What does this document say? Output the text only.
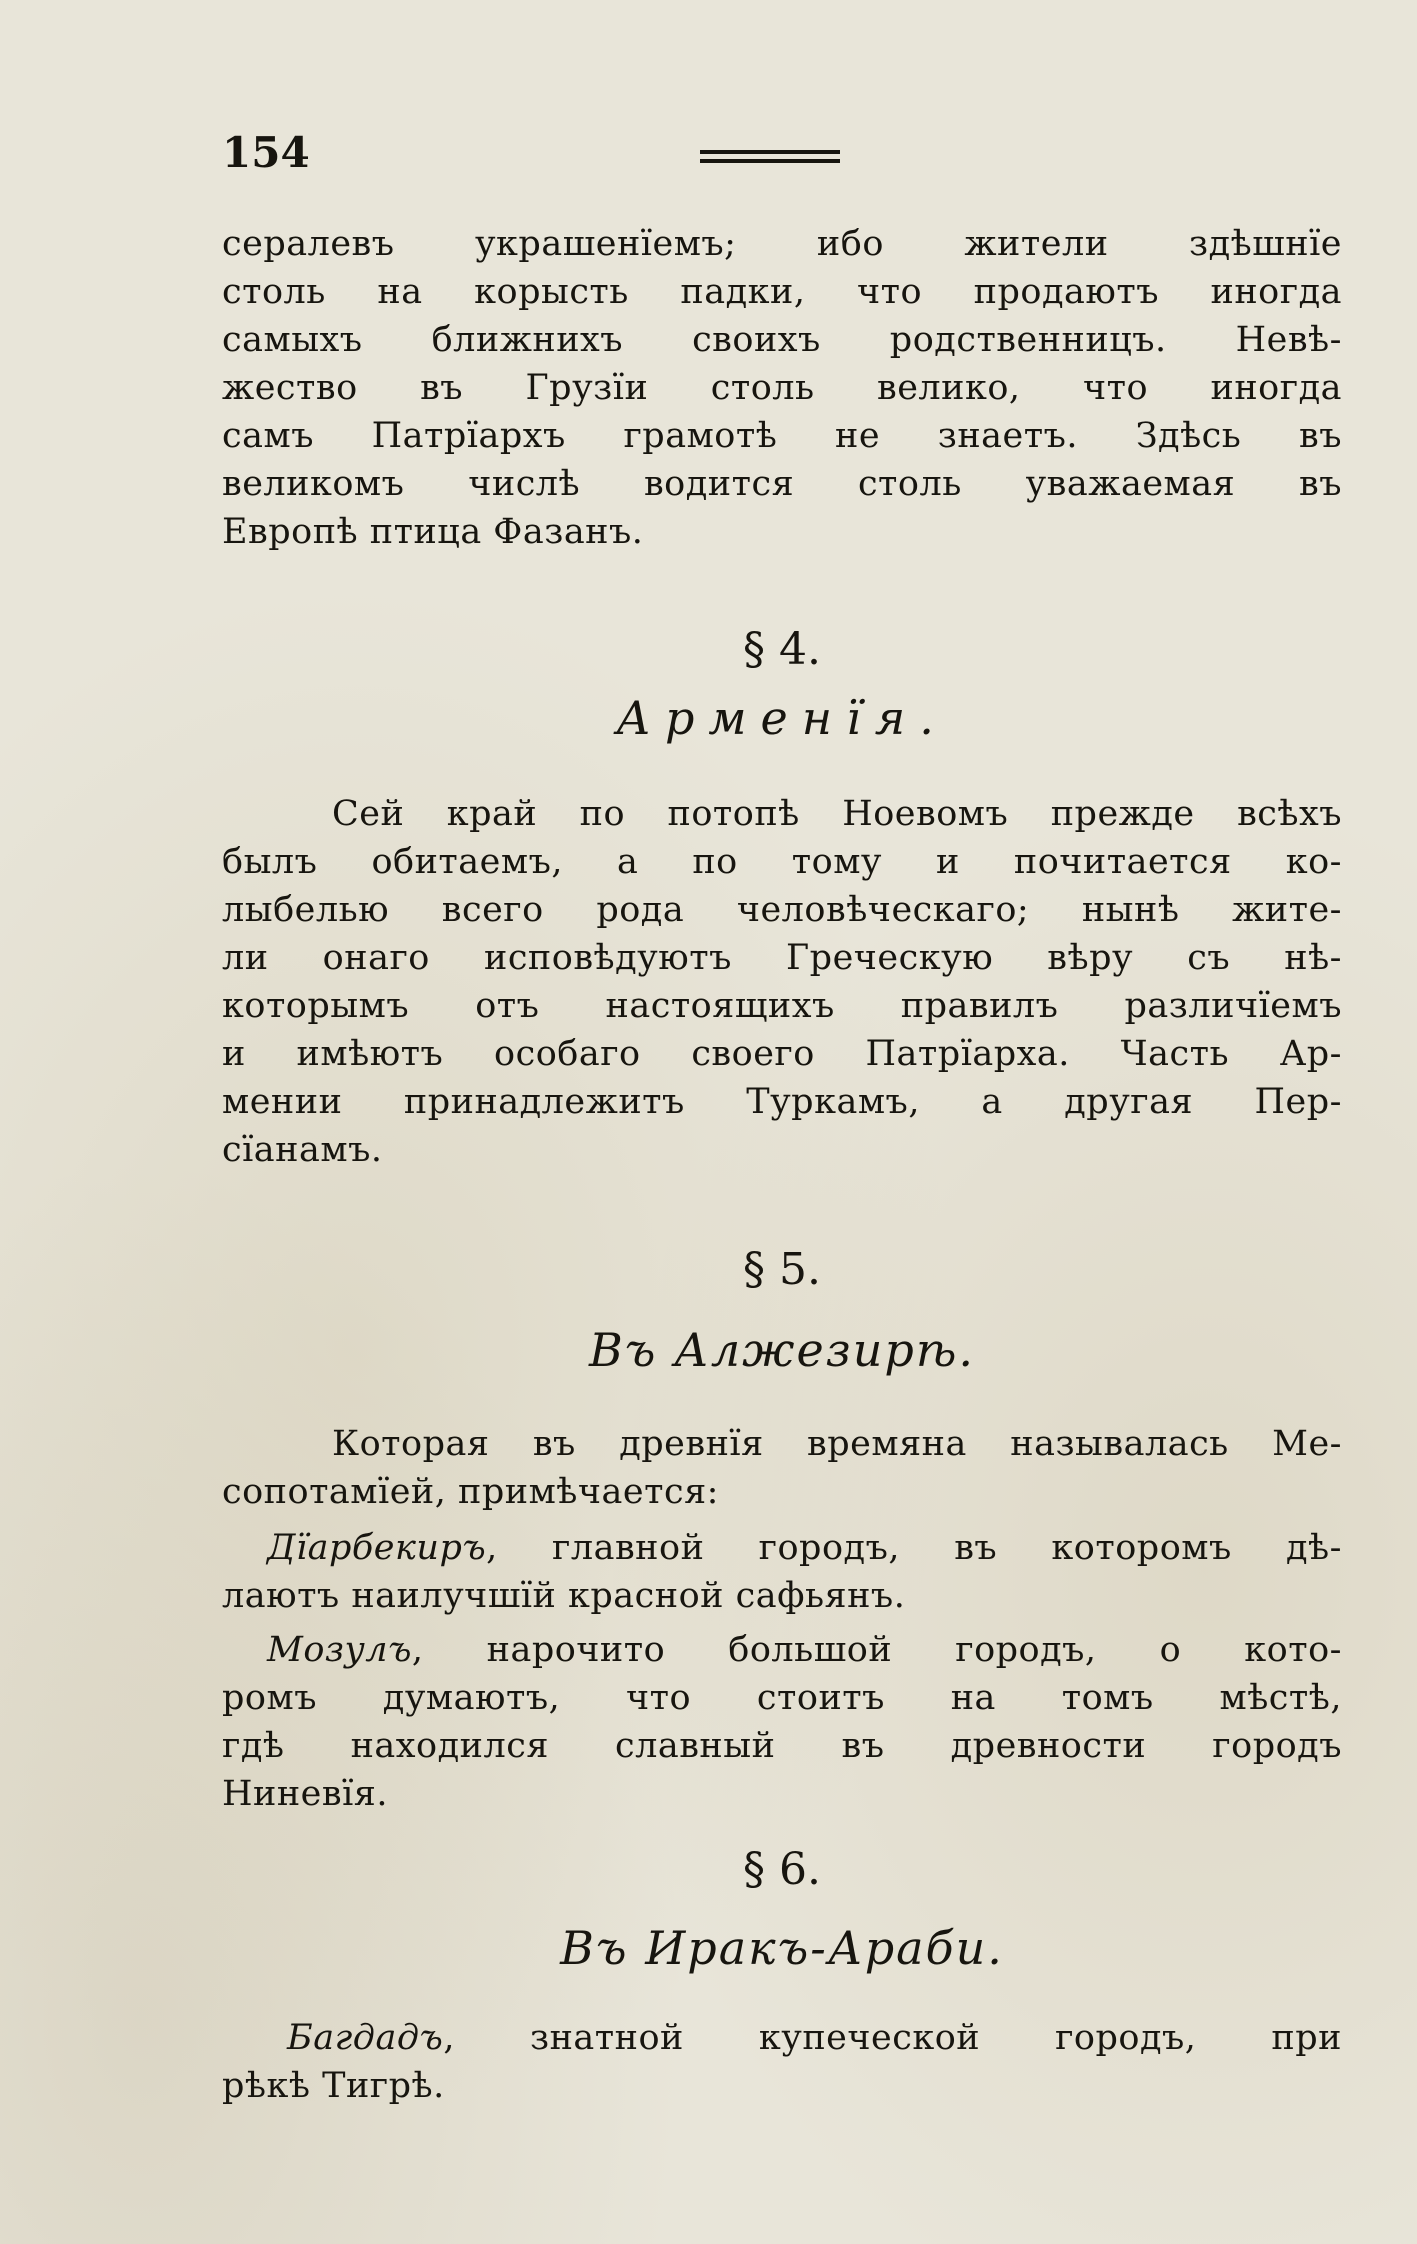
154
сералевъ украшенїемъ; ибо жители здѣшнїе
столь на корысть падки, что продаютъ иногда
самыхъ ближнихъ своихъ родственницъ. Невѣ-
жество въ Грузїи столь велико, что иногда
самъ Патрїархъ грамотѣ не знаетъ. Здѣсь въ
великомъ числѣ водится столь уважаемая въ
Европѣ птица Фазанъ.
§ 4.
Арменїя.
Сей край по потопѣ Ноевомъ прежде всѣхъ
былъ обитаемъ, а по тому и почитается ко-
лыбелью всего рода человѣческаго; нынѣ жите-
ли онаго исповѣдуютъ Греческую вѣру съ нѣ-
которымъ отъ настоящихъ правилъ различїемъ
и имѣютъ особаго своего Патрїарха. Часть Ар-
мении принадлежитъ Туркамъ, а другая Пер-
сїанамъ.
§ 5.
Въ Алжезирѣ.
Которая въ древнїя времяна называлась Ме-
сопотамїей, примѣчается:
Дїарбекиръ, главной городъ, въ которомъ дѣ-
лаютъ наилучшїй красной сафьянъ.
Мозулъ, нарочито большой городъ, о кото-
ромъ думаютъ, что стоитъ на томъ мѣстѣ,
гдѣ находился славный въ древности городъ
Ниневїя.
§ 6.
Въ Иракъ-Араби.
Багдадъ, знатной купеческой городъ, при
рѣкѣ Тигрѣ.
